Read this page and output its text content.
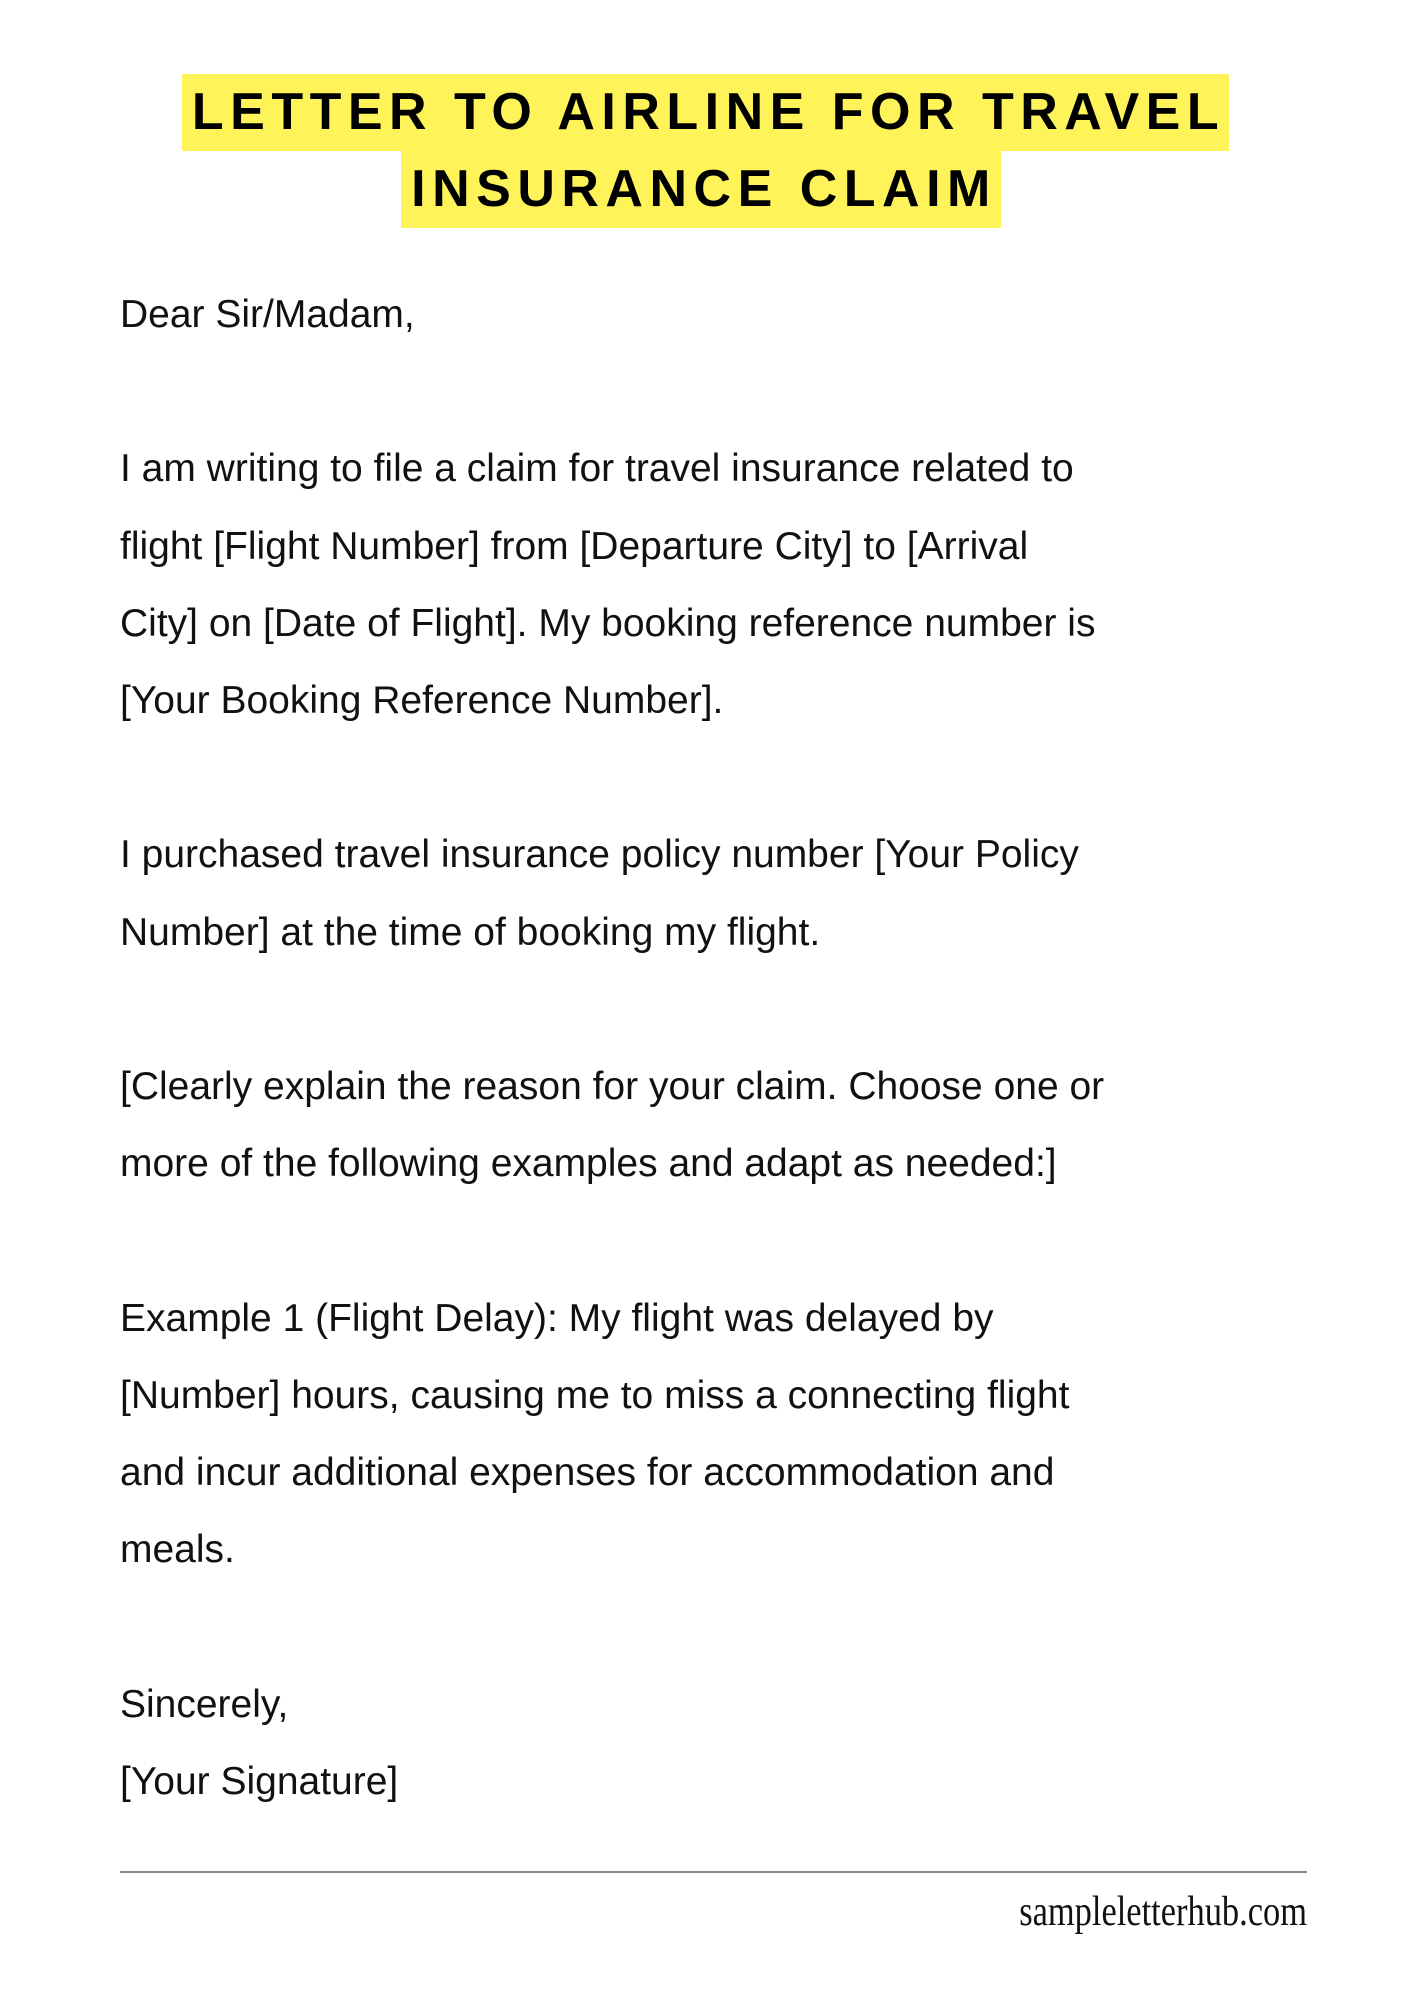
LETTER TO AIRLINE FOR TRAVEL
INSURANCE CLAIM
Dear Sir/Madam,
I am writing to file a claim for travel insurance related to
flight [Flight Number] from [Departure City] to [Arrival
City] on [Date of Flight]. My booking reference number is
[Your Booking Reference Number].
I purchased travel insurance policy number [Your Policy
Number] at the time of booking my flight.
[Clearly explain the reason for your claim. Choose one or
more of the following examples and adapt as needed:]
Example 1 (Flight Delay): My flight was delayed by
[Number] hours, causing me to miss a connecting flight
and incur additional expenses for accommodation and
meals.
Sincerely,
[Your Signature]
sampleletterhub.com
